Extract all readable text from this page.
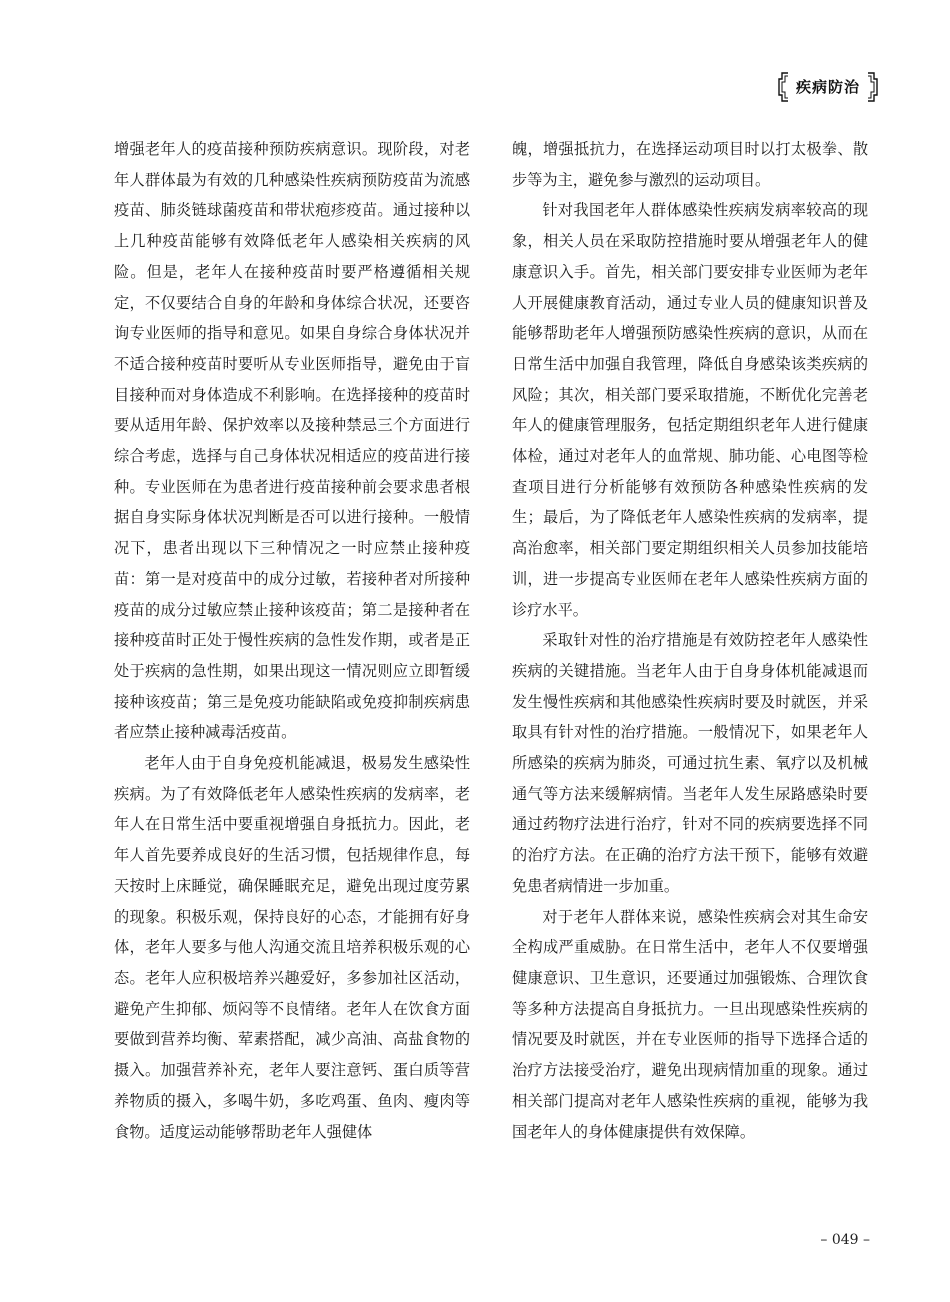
疾病防治

增强老年人的疫苗接种预防疾病意识。现阶段，对老年人群体最为有效的几种感染性疾病预防疫苗为流感疫苗、肺炎链球菌疫苗和带状疱疹疫苗。通过接种以上几种疫苗能够有效降低老年人感染相关疾病的风险。但是，老年人在接种疫苗时要严格遵循相关规定，不仅要结合自身的年龄和身体综合状况，还要咨询专业医师的指导和意见。如果自身综合身体状况并不适合接种疫苗时要听从专业医师指导，避免由于盲目接种而对身体造成不利影响。在选择接种的疫苗时要从适用年龄、保护效率以及接种禁忌三个方面进行综合考虑，选择与自己身体状况相适应的疫苗进行接种。专业医师在为患者进行疫苗接种前会要求患者根据自身实际身体状况判断是否可以进行接种。一般情况下，患者出现以下三种情况之一时应禁止接种疫苗：第一是对疫苗中的成分过敏，若接种者对所接种疫苗的成分过敏应禁止接种该疫苗；第二是接种者在接种疫苗时正处于慢性疾病的急性发作期，或者是正处于疾病的急性期，如果出现这一情况则应立即暂缓接种该疫苗；第三是免疫功能缺陷或免疫抑制疾病患者应禁止接种减毒活疫苗。

老年人由于自身免疫机能减退，极易发生感染性疾病。为了有效降低老年人感染性疾病的发病率，老年人在日常生活中要重视增强自身抵抗力。因此，老年人首先要养成良好的生活习惯，包括规律作息，每天按时上床睡觉，确保睡眠充足，避免出现过度劳累的现象。积极乐观，保持良好的心态，才能拥有好身体，老年人要多与他人沟通交流且培养积极乐观的心态。老年人应积极培养兴趣爱好，多参加社区活动，避免产生抑郁、烦闷等不良情绪。老年人在饮食方面要做到营养均衡、荤素搭配，减少高油、高盐食物的摄入。加强营养补充，老年人要注意钙、蛋白质等营养物质的摄入，多喝牛奶，多吃鸡蛋、鱼肉、瘦肉等食物。适度运动能够帮助老年人强健体

魄，增强抵抗力，在选择运动项目时以打太极拳、散步等为主，避免参与激烈的运动项目。

针对我国老年人群体感染性疾病发病率较高的现象，相关人员在采取防控措施时要从增强老年人的健康意识入手。首先，相关部门要安排专业医师为老年人开展健康教育活动，通过专业人员的健康知识普及能够帮助老年人增强预防感染性疾病的意识，从而在日常生活中加强自我管理，降低自身感染该类疾病的风险；其次，相关部门要采取措施，不断优化完善老年人的健康管理服务，包括定期组织老年人进行健康体检，通过对老年人的血常规、肺功能、心电图等检查项目进行分析能够有效预防各种感染性疾病的发生；最后，为了降低老年人感染性疾病的发病率，提高治愈率，相关部门要定期组织相关人员参加技能培训，进一步提高专业医师在老年人感染性疾病方面的诊疗水平。

采取针对性的治疗措施是有效防控老年人感染性疾病的关键措施。当老年人由于自身身体机能减退而发生慢性疾病和其他感染性疾病时要及时就医，并采取具有针对性的治疗措施。一般情况下，如果老年人所感染的疾病为肺炎，可通过抗生素、氧疗以及机械通气等方法来缓解病情。当老年人发生尿路感染时要通过药物疗法进行治疗，针对不同的疾病要选择不同的治疗方法。在正确的治疗方法干预下，能够有效避免患者病情进一步加重。

对于老年人群体来说，感染性疾病会对其生命安全构成严重威胁。在日常生活中，老年人不仅要增强健康意识、卫生意识，还要通过加强锻炼、合理饮食等多种方法提高自身抵抗力。一旦出现感染性疾病的情况要及时就医，并在专业医师的指导下选择合适的治疗方法接受治疗，避免出现病情加重的现象。通过相关部门提高对老年人感染性疾病的重视，能够为我国老年人的身体健康提供有效保障。

– 049 –
